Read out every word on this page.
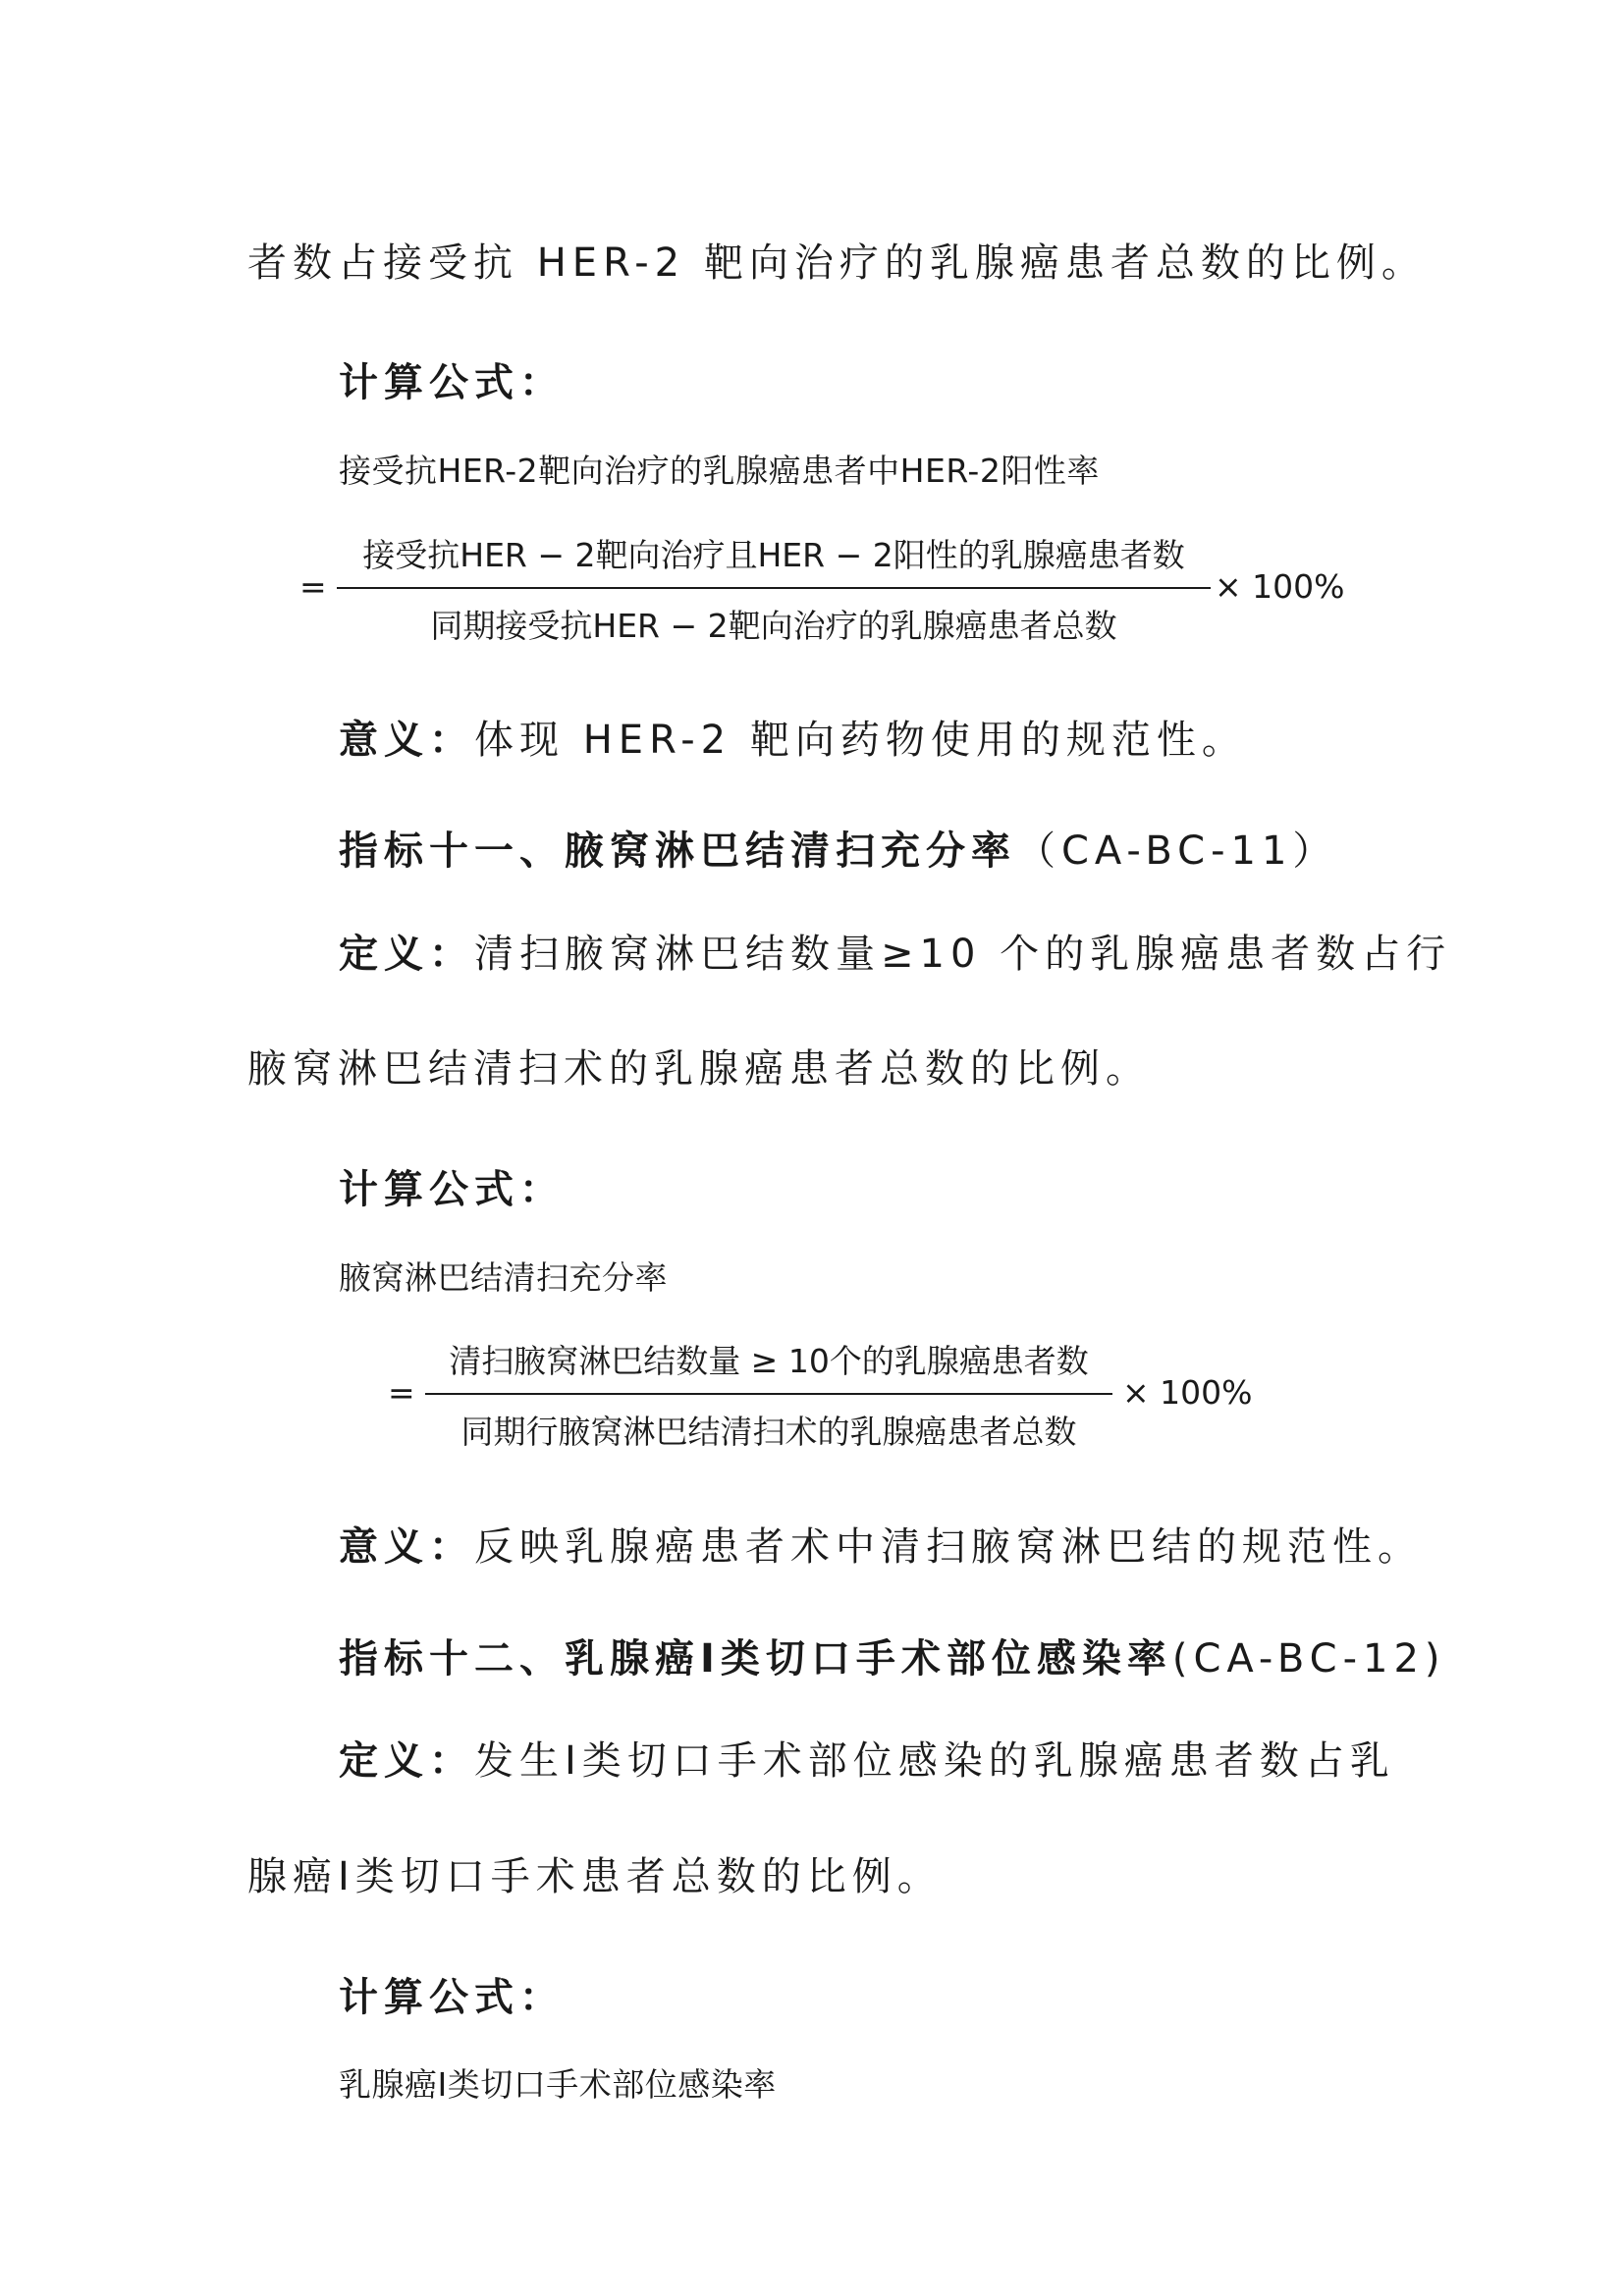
者数占接受抗 HER-2 靶向治疗的乳腺癌患者总数的比例。
计算公式：
接受抗HER-2靶向治疗的乳腺癌患者中HER-2阳性率
=
接受抗HER − 2靶向治疗且HER − 2阳性的乳腺癌患者数
同期接受抗HER − 2靶向治疗的乳腺癌患者总数
× 100%
意义：体现 HER-2 靶向药物使用的规范性。
指标十一、腋窝淋巴结清扫充分率（CA-BC-11）
定义：清扫腋窝淋巴结数量≥10 个的乳腺癌患者数占行
腋窝淋巴结清扫术的乳腺癌患者总数的比例。
计算公式：
腋窝淋巴结清扫充分率
=
清扫腋窝淋巴结数量 ≥ 10个的乳腺癌患者数
同期行腋窝淋巴结清扫术的乳腺癌患者总数
× 100%
意义：反映乳腺癌患者术中清扫腋窝淋巴结的规范性。
指标十二、乳腺癌Ⅰ类切口手术部位感染率(CA-BC-12)
定义：发生Ⅰ类切口手术部位感染的乳腺癌患者数占乳
腺癌Ⅰ类切口手术患者总数的比例。
计算公式：
乳腺癌Ⅰ类切口手术部位感染率
